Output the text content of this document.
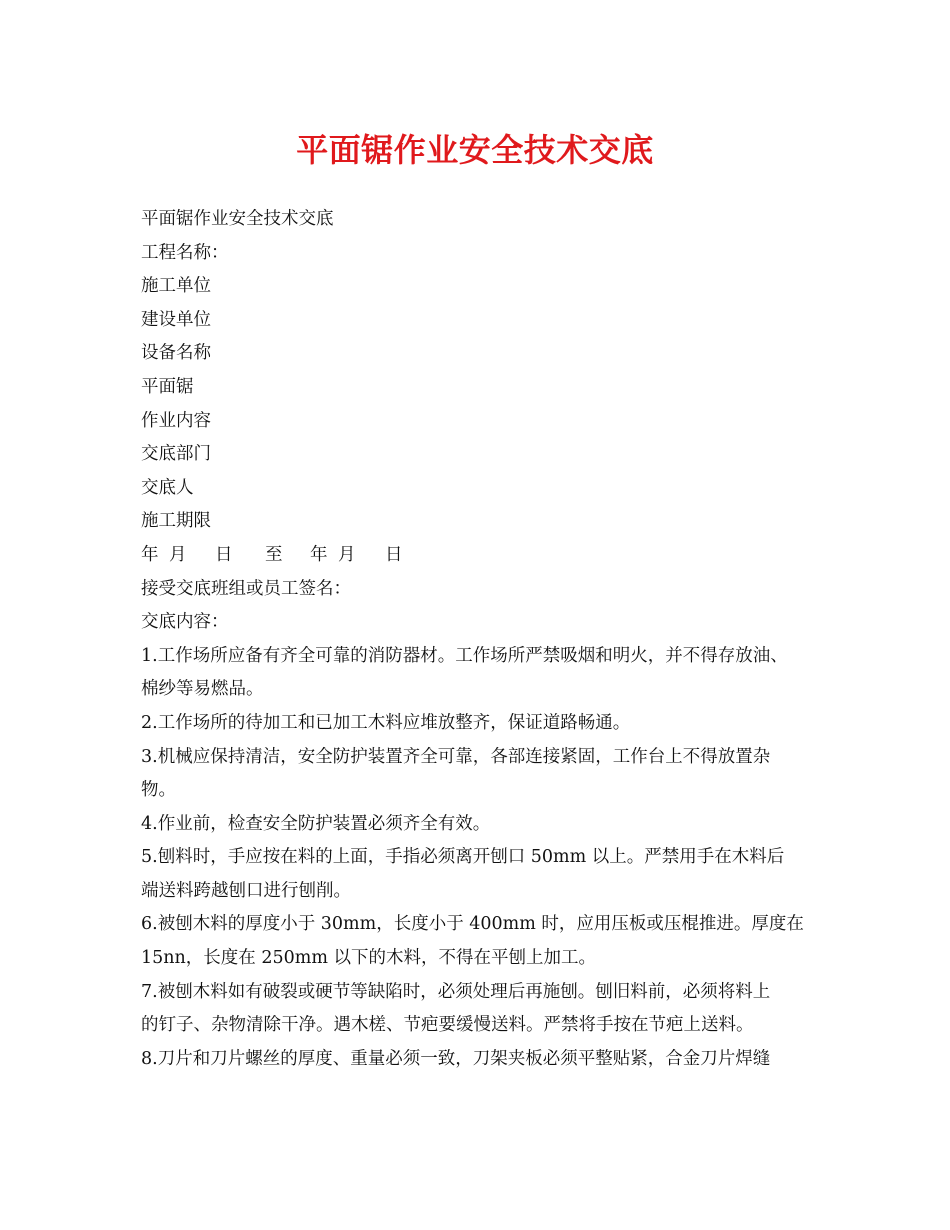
平面锯作业安全技术交底
平面锯作业安全技术交底
工程名称：
施工单位
建设单位
设备名称
平面锯
作业内容
交底部门
交底人
施工期限
年 月	日	至	年 月	日
接受交底班组或员工签名：
交底内容：
1.工作场所应备有齐全可靠的消防器材。工作场所严禁吸烟和明火，并不得存放油、
棉纱等易燃品。
2.工作场所的待加工和已加工木料应堆放整齐，保证道路畅通。
3.机械应保持清洁，安全防护装置齐全可靠，各部连接紧固，工作台上不得放置杂
物。
4.作业前，检查安全防护装置必须齐全有效。
5.刨料时，手应按在料的上面，手指必须离开刨口 50mm 以上。严禁用手在木料后
端送料跨越刨口进行刨削。
6.被刨木料的厚度小于 30mm，长度小于 400mm 时，应用压板或压棍推进。厚度在
15nn，长度在 250mm 以下的木料，不得在平刨上加工。
7.被刨木料如有破裂或硬节等缺陷时，必须处理后再施刨。刨旧料前，必须将料上
的钉子、杂物清除干净。遇木槎、节疤要缓慢送料。严禁将手按在节疤上送料。
8.刀片和刀片螺丝的厚度、重量必须一致，刀架夹板必须平整贴紧，合金刀片焊缝
